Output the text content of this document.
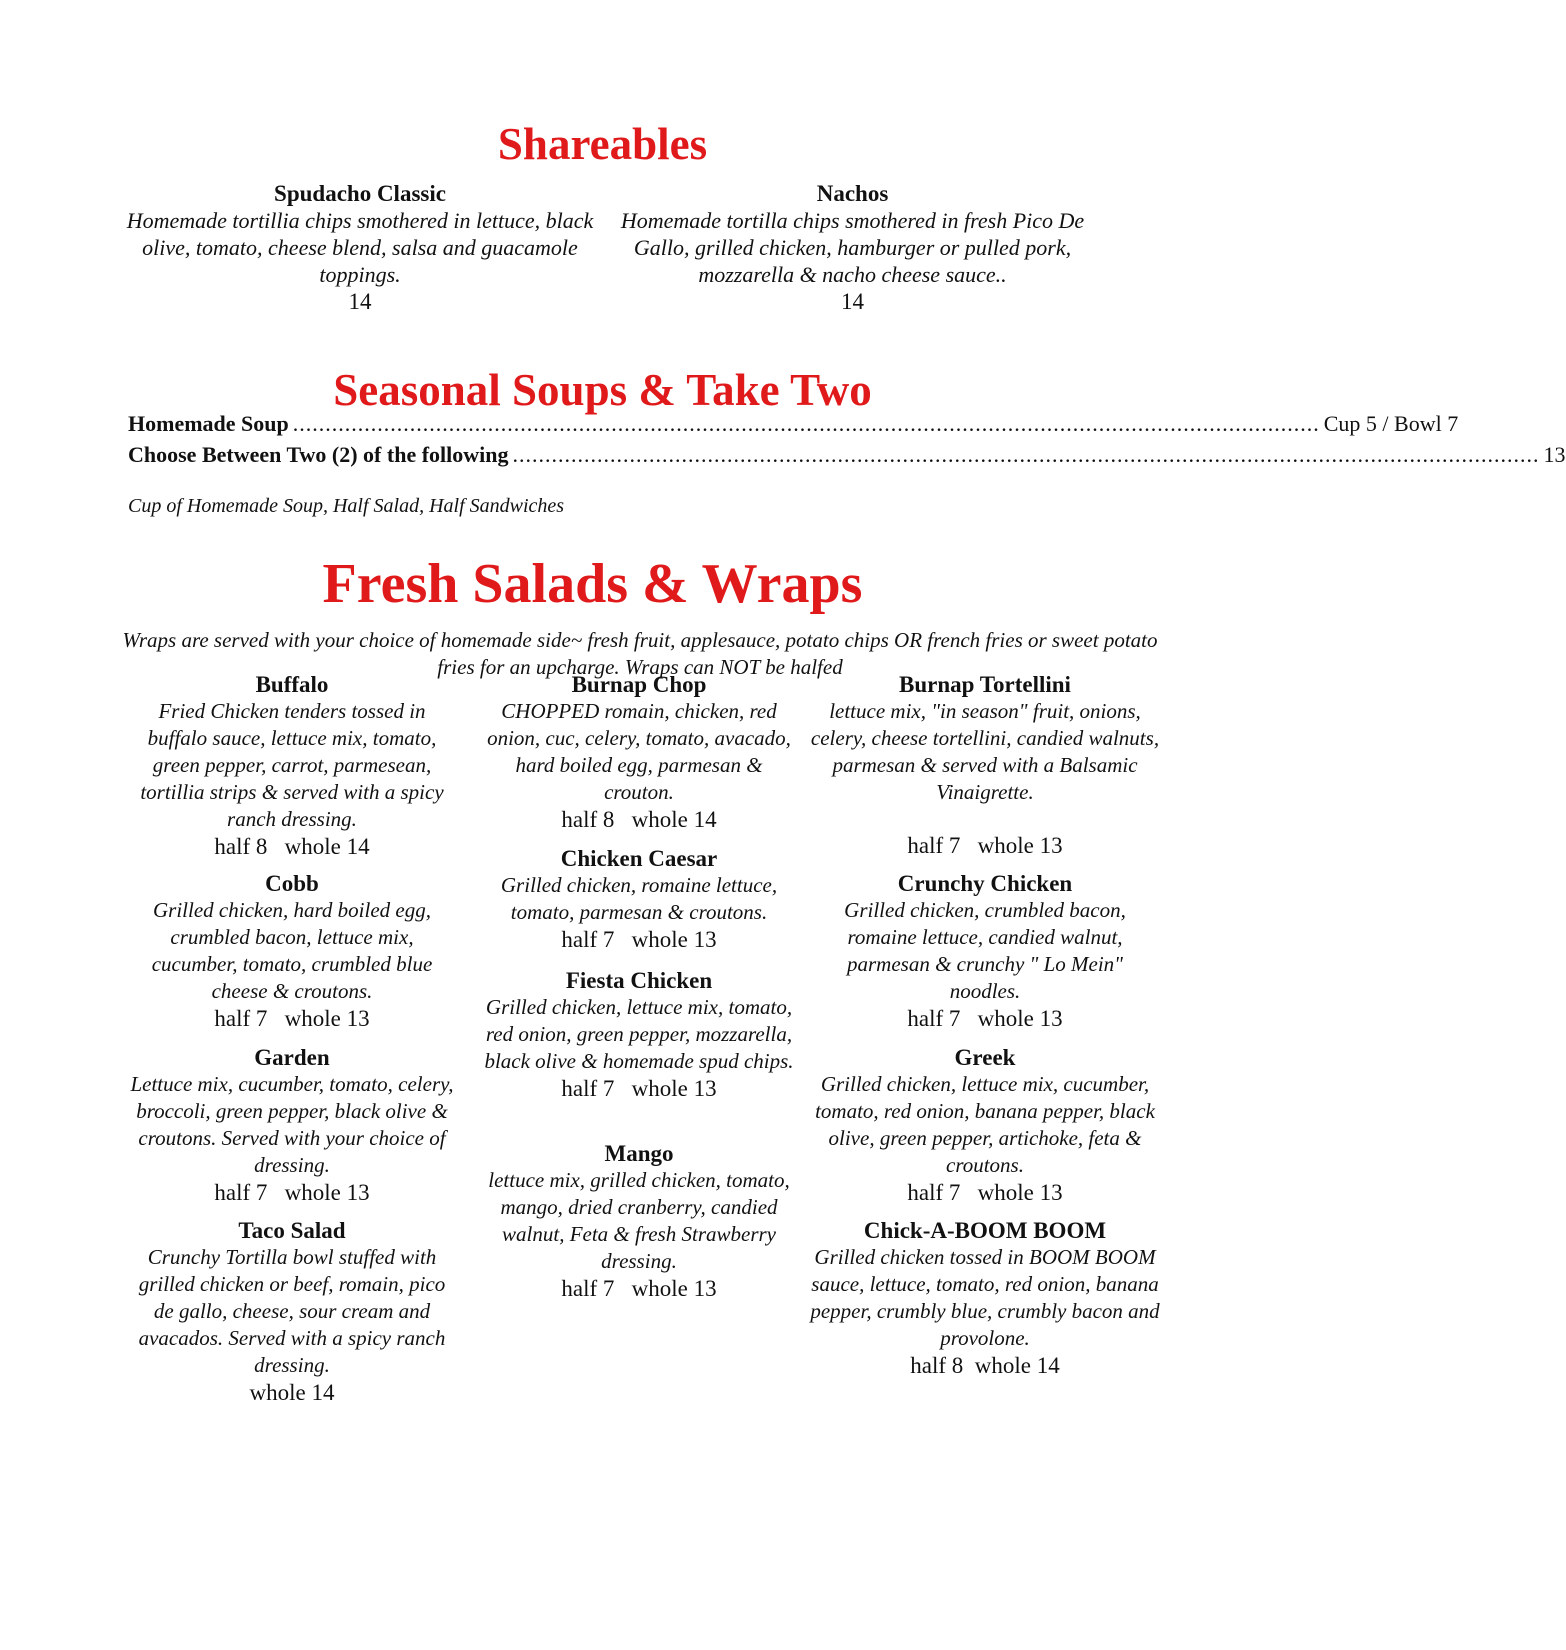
Shareables
Spudacho Classic
Homemade tortillia chips smothered in lettuce, black olive, tomato, cheese blend, salsa and guacamole toppings.
14
Nachos
Homemade tortilla chips smothered in fresh Pico De Gallo, grilled chicken, hamburger or pulled pork, mozzarella & nacho cheese sauce..
14
Seasonal Soups & Take Two
Homemade Soup .............................................................................................................................................................. Cup 5 / Bowl 7
Choose Between Two (2) of the following .............................................................................................................................................................. 13
Cup of Homemade Soup, Half Salad, Half Sandwiches
Fresh Salads & Wraps
Wraps are served with your choice of homemade side~ fresh fruit, applesauce, potato chips OR french fries or sweet potato fries for an upcharge. Wraps can NOT be halfed
Buffalo
Fried Chicken tenders tossed in buffalo sauce, lettuce mix, tomato, green pepper, carrot, parmesean, tortillia strips & served with a spicy ranch dressing.
half 8   whole 14
Cobb
Grilled chicken, hard boiled egg, crumbled bacon, lettuce mix, cucumber, tomato, crumbled blue cheese & croutons.
half 7   whole 13
Garden
Lettuce mix, cucumber, tomato, celery, broccoli, green pepper, black olive & croutons. Served with your choice of dressing.
half 7   whole 13
Taco Salad
Crunchy Tortilla bowl stuffed with grilled chicken or beef, romain, pico de gallo, cheese, sour cream and avacados. Served with a spicy ranch dressing.
whole 14
Burnap Chop
CHOPPED romain, chicken, red onion, cuc, celery, tomato, avacado, hard boiled egg, parmesan & crouton.
half 8   whole 14
Chicken Caesar
Grilled chicken, romaine lettuce, tomato, parmesan & croutons.
half 7   whole 13
Fiesta Chicken
Grilled chicken, lettuce mix, tomato, red onion, green pepper, mozzarella, black olive & homemade spud chips.
half 7   whole 13
Mango
lettuce mix, grilled chicken, tomato, mango, dried cranberry, candied walnut, Feta & fresh Strawberry dressing.
half 7   whole 13
Burnap Tortellini
lettuce mix, "in season" fruit, onions, celery, cheese tortellini, candied walnuts, parmesan & served with a Balsamic Vinaigrette.
half 7   whole 13
Crunchy Chicken
Grilled chicken, crumbled bacon, romaine lettuce, candied walnut, parmesan & crunchy " Lo Mein" noodles.
half 7   whole 13
Greek
Grilled chicken, lettuce mix, cucumber, tomato, red onion, banana pepper, black olive, green pepper, artichoke, feta & croutons.
half 7   whole 13
Chick-A-BOOM BOOM
Grilled chicken tossed in BOOM BOOM sauce, lettuce, tomato, red onion, banana pepper, crumbly blue, crumbly bacon and provolone.
half 8  whole 14
